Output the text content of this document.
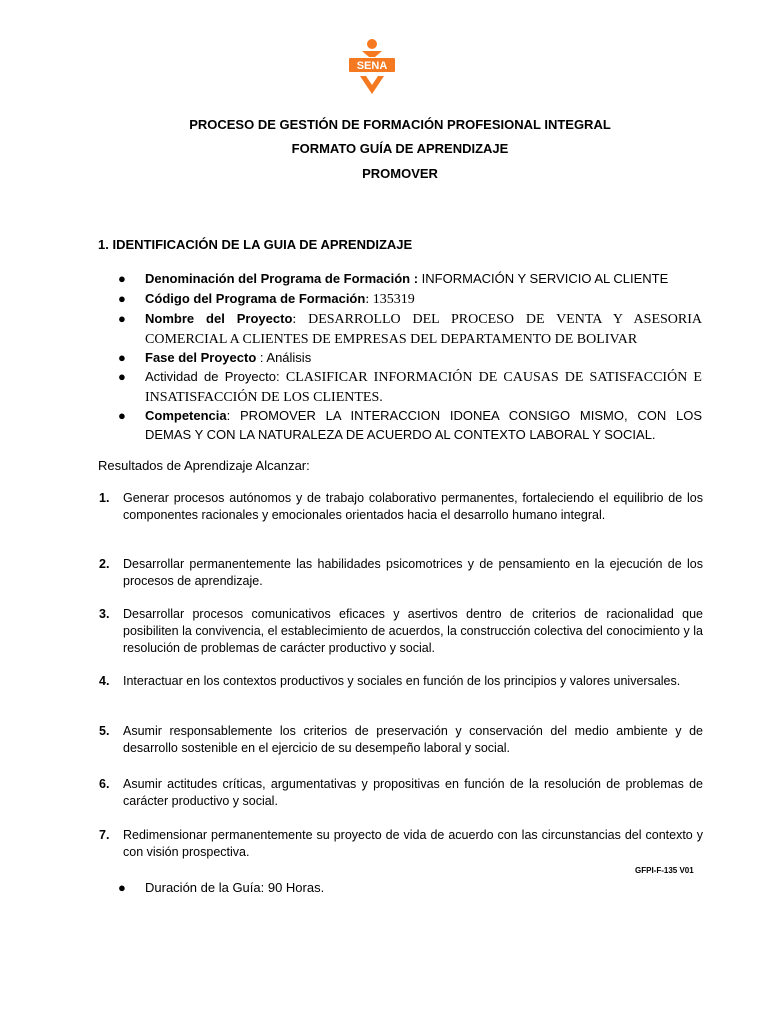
SENA
PROCESO DE GESTIÓN DE FORMACIÓN PROFESIONAL INTEGRAL
FORMATO GUÍA DE APRENDIZAJE
PROMOVER
1. IDENTIFICACIÓN DE LA GUIA DE APRENDIZAJE
● Denominación del Programa de Formación : INFORMACIÓN Y SERVICIO AL CLIENTE
● Código del Programa de Formación: 135319
● Nombre del Proyecto: DESARROLLO DEL PROCESO DE VENTA Y ASESORIA COMERCIAL A CLIENTES DE EMPRESAS DEL DEPARTAMENTO DE BOLIVAR
● Fase del Proyecto : Análisis
● Actividad de Proyecto: CLASIFICAR INFORMACIÓN DE CAUSAS DE SATISFACCIÓN E INSATISFACCIÓN DE LOS CLIENTES.
● Competencia: PROMOVER LA INTERACCION IDONEA CONSIGO MISMO, CON LOS DEMAS Y CON LA NATURALEZA DE ACUERDO AL CONTEXTO LABORAL Y SOCIAL.
Resultados de Aprendizaje Alcanzar:
1. Generar procesos autónomos y de trabajo colaborativo permanentes, fortaleciendo el equilibrio de los componentes racionales y emocionales orientados hacia el desarrollo humano integral.
2. Desarrollar permanentemente las habilidades psicomotrices y de pensamiento en la ejecución de los procesos de aprendizaje.
3. Desarrollar procesos comunicativos eficaces y asertivos dentro de criterios de racionalidad que posibiliten la convivencia, el establecimiento de acuerdos, la construcción colectiva del conocimiento y la resolución de problemas de carácter productivo y social.
4. Interactuar en los contextos productivos y sociales en función de los principios y valores universales.
5. Asumir responsablemente los criterios de preservación y conservación del medio ambiente y de desarrollo sostenible en el ejercicio de su desempeño laboral y social.
6. Asumir actitudes críticas, argumentativas y propositivas en función de la resolución de problemas de carácter productivo y social.
7. Redimensionar permanentemente su proyecto de vida de acuerdo con las circunstancias del contexto y con visión prospectiva.
GFPI-F-135 V01
● Duración de la Guía: 90 Horas.
